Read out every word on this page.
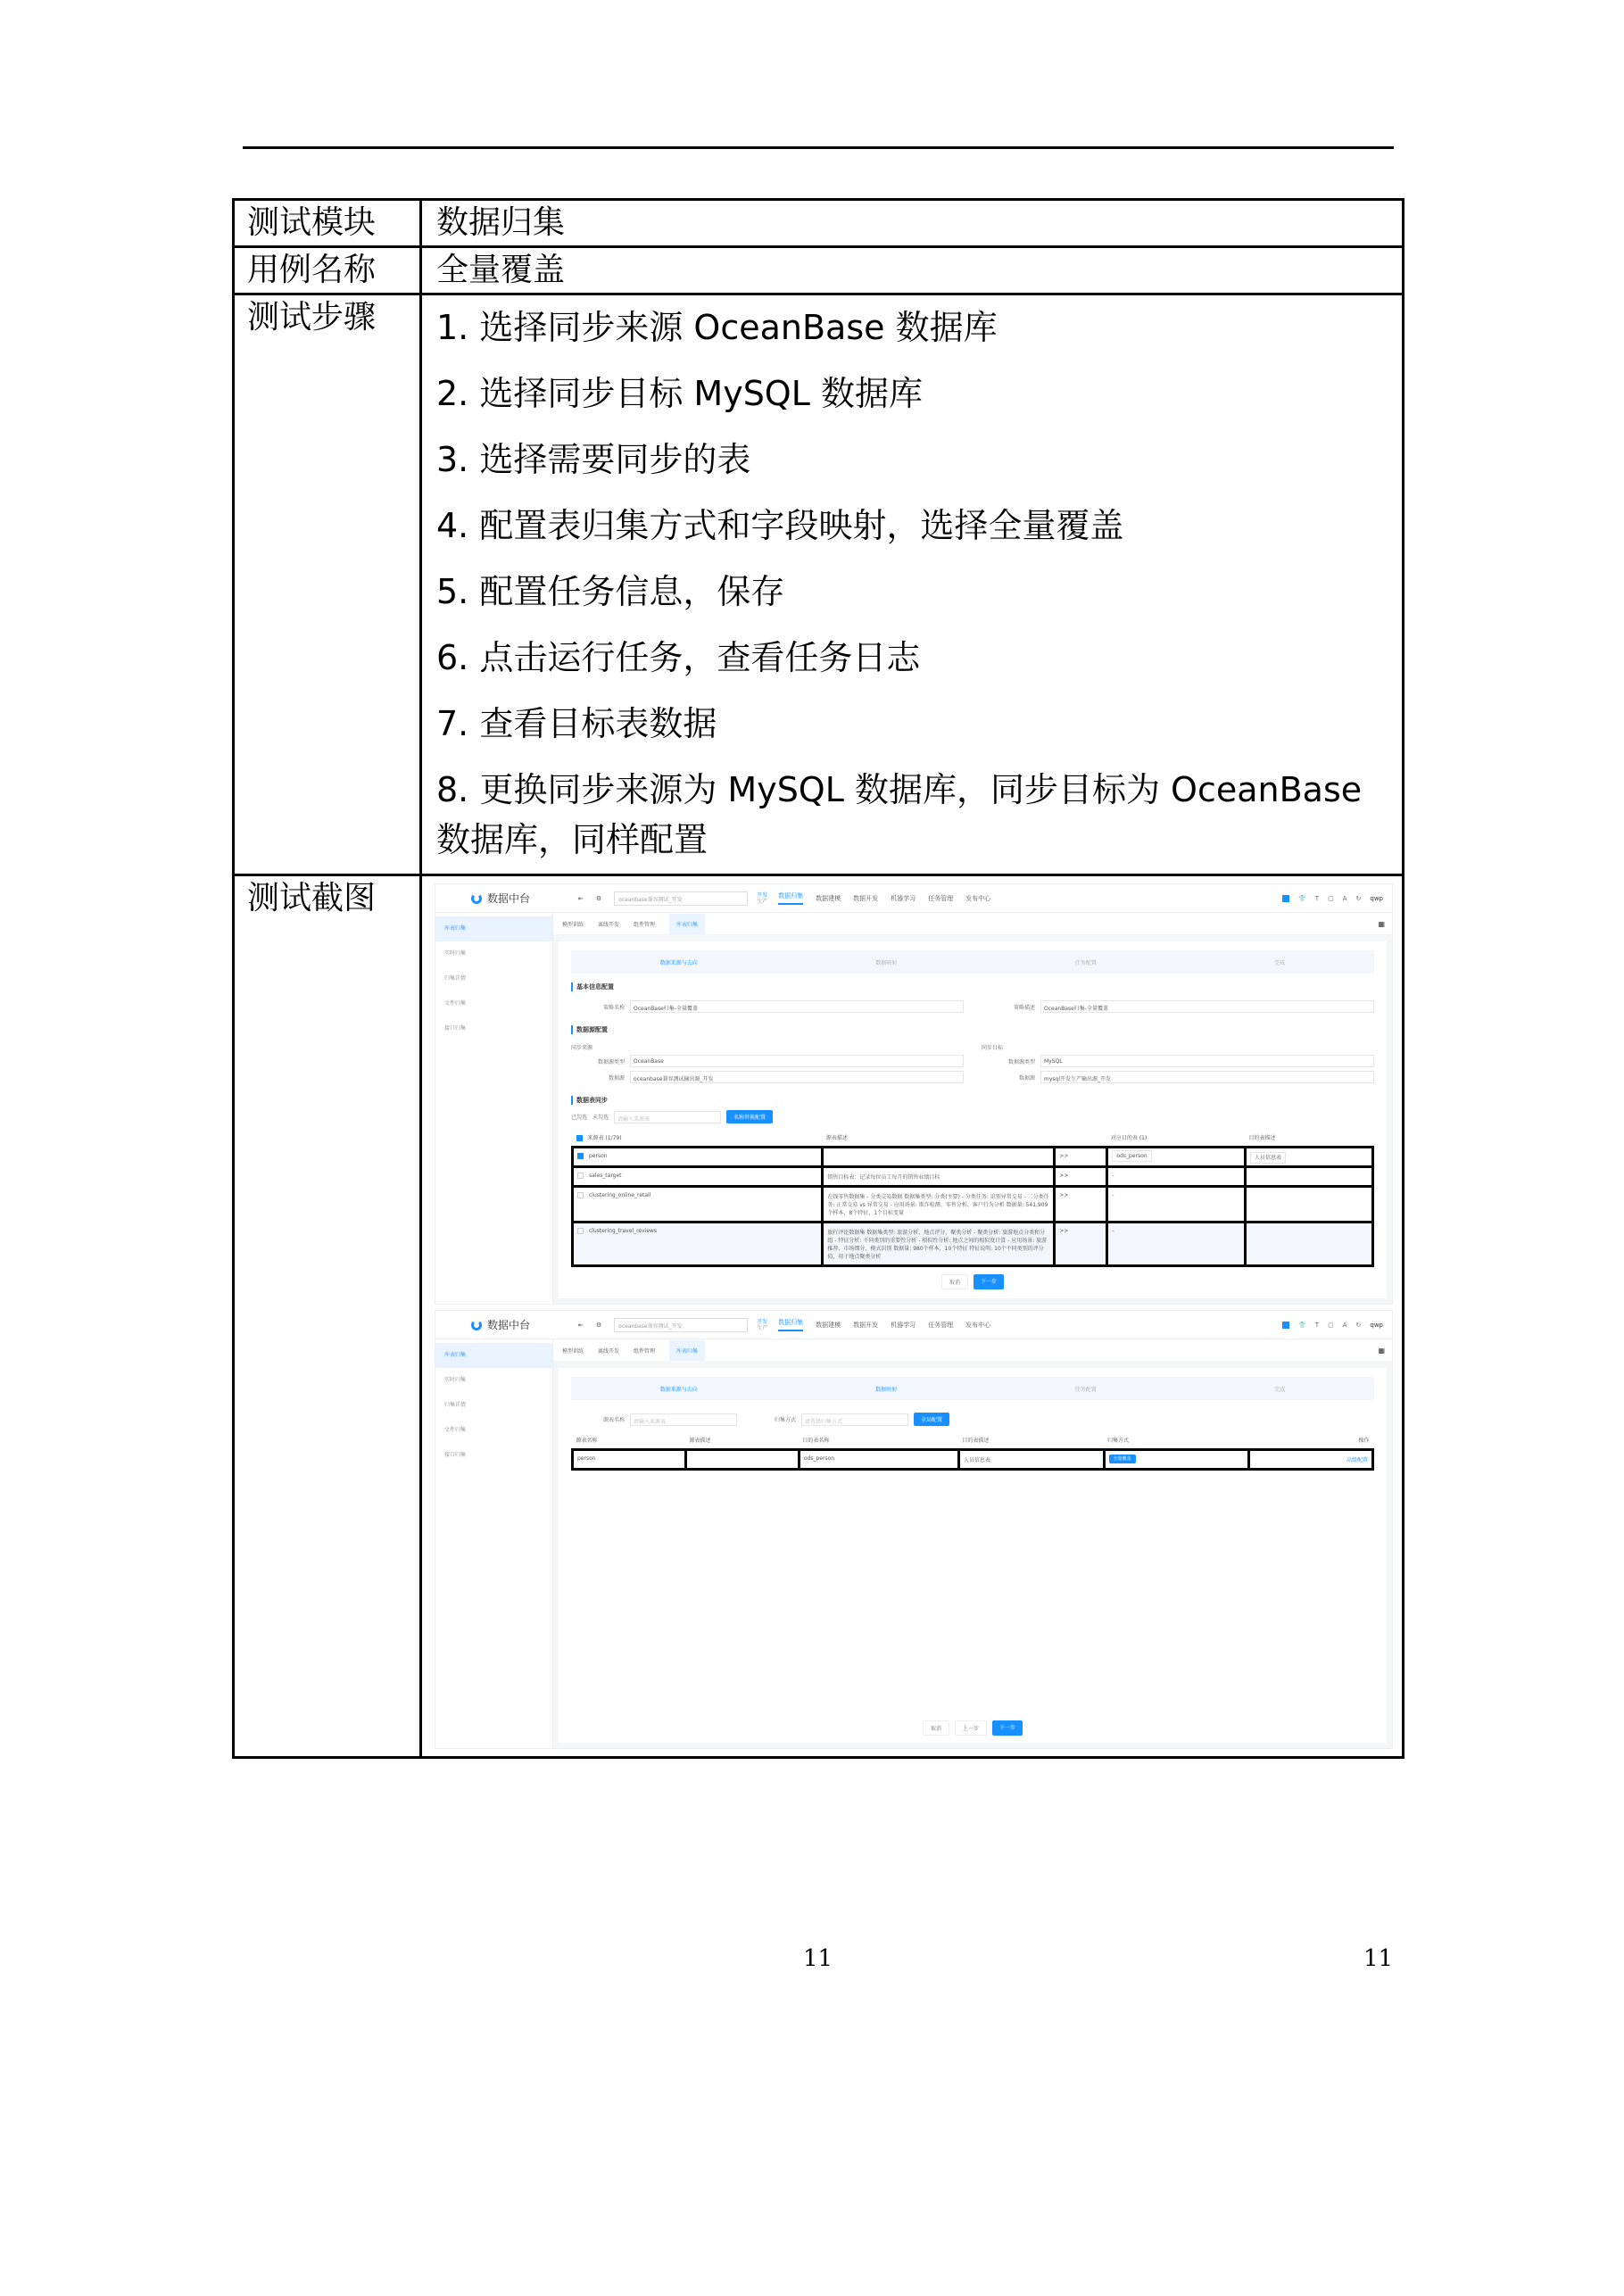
测试模块	数据归集
用例名称	全量覆盖
测试步骤	1. 选择同步来源 OceanBase 数据库
2. 选择同步目标 MySQL 数据库
3. 选择需要同步的表
4. 配置表归集方式和字段映射，选择全量覆盖
5. 配置任务信息，保存
6. 点击运行任务，查看任务日志
7. 查看目标表数据
8. 更换同步来源为 MySQL 数据库，同步目标为 OceanBase 数据库，同样配置

测试截图	数据中台	⇤ ⚙	oceanbase兼容测试_开发
开发
生产
数据归集 数据建模 数据开发 机器学习 任务管理 发布中心	👕 T ▢ A ↻ qwp
库表归集
实时归集
归集详情
文件归集
接口归集
模型训练	离线开发	组件管理	库表归集	▦
数据来源与去向	数据映射	任务配置	完成
基本信息配置
策略名称	OceanBase归集-全量覆盖	策略描述	OceanBase归集-全量覆盖
数据源配置
同步来源
数据源类型	OceanBase
数据源	oceanbase兼容测试输出源_开发
同步目标
数据源类型	MySQL
数据源	mysql开发生产输出源_开发
数据表同步
已勾选 未勾选	请输入来源表	名称替换配置
来源表 (1/79)	源表描述		对应目的表 (1)	目的表描述
person		>>	ods_person	人员信息表
sales_target	销售目标表：记录每位员工每月的销售业绩目标	>>	-	
clustering_online_retail	在线零售数据集 - 分类交易数据 数据集类型: 分类(主要) - 分类任务: 识别异常交易 - 二分类任务: 正常交易 vs 异常交易 - 应用场景: 欺诈检测、零售分析、客户行为分析 数据量: 541,909个样本，8个特征，1个目标变量	>>	-	
clustering_travel_reviews	旅行评论数据集 数据集类型: 旅游分析、地点评分、聚类分析 - 聚类分析: 旅游地点分类和分组 - 特征分析: 不同类别的重要性分析 - 相似性分析: 地点之间的相似度计算 - 应用场景: 旅游推荐、市场细分、模式识别 数据量: 980个样本，10个特征 特征说明: 10个不同类别的评分值，用于地点聚类分析	>>	-	
取消	下一步
数据中台	⇤ ⚙	oceanbase兼容测试_开发
开发
生产
数据归集 数据建模 数据开发 机器学习 任务管理 发布中心	👕 T ▢ A ↻ qwp
库表归集
实时归集
归集详情
文件归集
接口归集
模型训练	离线开发	组件管理	库表归集	▦
数据来源与去向	数据映射	任务配置	完成
源表名称	请输入来源表	归集方式	请选择归集方式	全局配置
源表名称	源表描述	目的表名称	目的表描述	归集方式	操作
person		ods_person	人员信息表	全量覆盖	高级配置
取消	上一步	下一步
11	11
